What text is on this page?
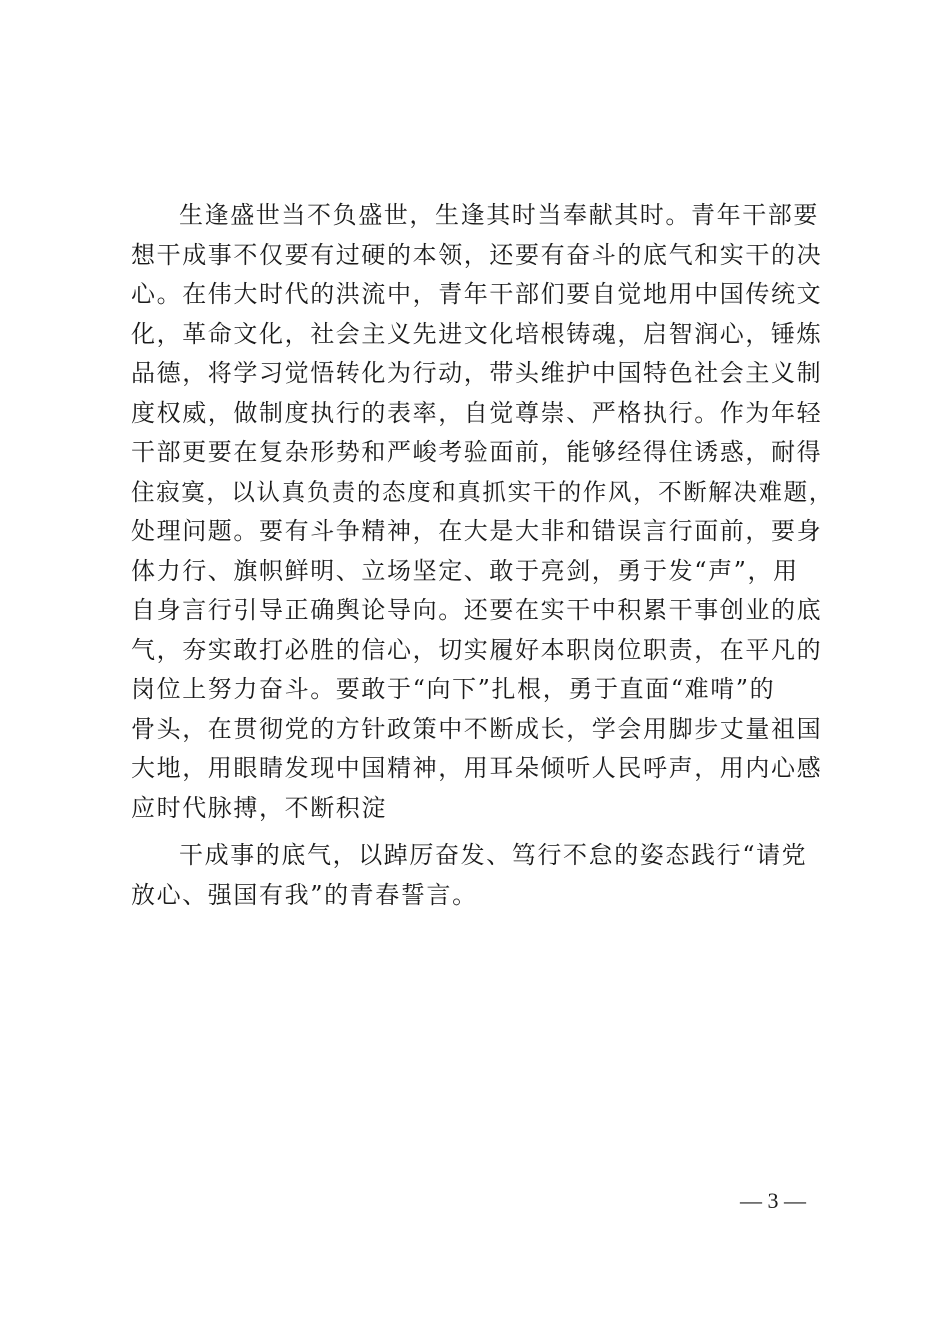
生逢盛世当不负盛世，生逢其时当奉献其时。青年干部要
想干成事不仅要有过硬的本领，还要有奋斗的底气和实干的决
心。在伟大时代的洪流中，青年干部们要自觉地用中国传统文
化，革命文化，社会主义先进文化培根铸魂，启智润心，锤炼
品德，将学习觉悟转化为行动，带头维护中国特色社会主义制
度权威，做制度执行的表率，自觉尊崇、严格执行。作为年轻
干部更要在复杂形势和严峻考验面前，能够经得住诱惑，耐得
住寂寞，以认真负责的态度和真抓实干的作风，不断解决难题，
处理问题。要有斗争精神，在大是大非和错误言行面前，要身
体力行、旗帜鲜明、立场坚定、敢于亮剑，勇于发“声”，用
自身言行引导正确舆论导向。还要在实干中积累干事创业的底
气，夯实敢打必胜的信心，切实履好本职岗位职责，在平凡的
岗位上努力奋斗。要敢于“向下”扎根，勇于直面“难啃”的
骨头，在贯彻党的方针政策中不断成长，学会用脚步丈量祖国
大地，用眼睛发现中国精神，用耳朵倾听人民呼声，用内心感
应时代脉搏，不断积淀
干成事的底气，以踔厉奋发、笃行不怠的姿态践行“请党
放心、强国有我”的青春誓言。
— 3 —
